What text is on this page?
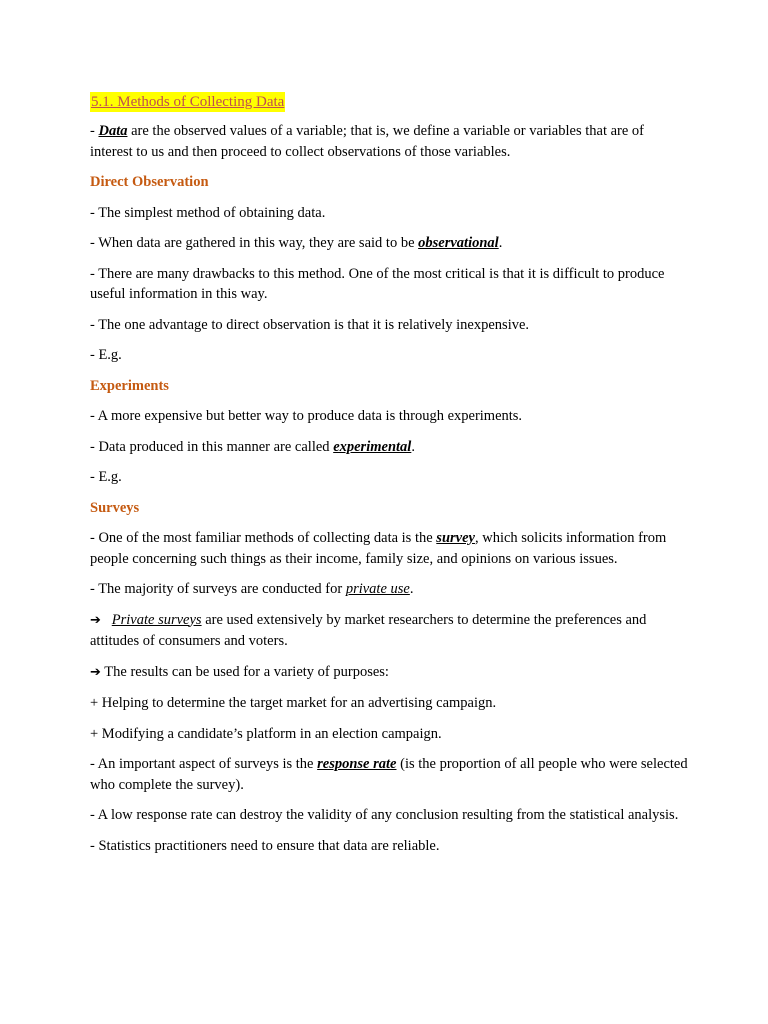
5.1. Methods of Collecting Data

- Data are the observed values of a variable; that is, we define a variable or variables that are of interest to us and then proceed to collect observations of those variables.

Direct Observation

- The simplest method of obtaining data.

- When data are gathered in this way, they are said to be observational.

- There are many drawbacks to this method. One of the most critical is that it is difficult to produce useful information in this way.

- The one advantage to direct observation is that it is relatively inexpensive.

- E.g.

Experiments

- A more expensive but better way to produce data is through experiments.

- Data produced in this manner are called experimental.

- E.g.

Surveys

- One of the most familiar methods of collecting data is the survey, which solicits information from people concerning such things as their income, family size, and opinions on various issues.

- The majority of surveys are conducted for private use.

➔ Private surveys are used extensively by market researchers to determine the preferences and attitudes of consumers and voters.

➔ The results can be used for a variety of purposes:

+ Helping to determine the target market for an advertising campaign.

+ Modifying a candidate’s platform in an election campaign.

- An important aspect of surveys is the response rate (is the proportion of all people who were selected who complete the survey).

- A low response rate can destroy the validity of any conclusion resulting from the statistical analysis.

- Statistics practitioners need to ensure that data are reliable.
